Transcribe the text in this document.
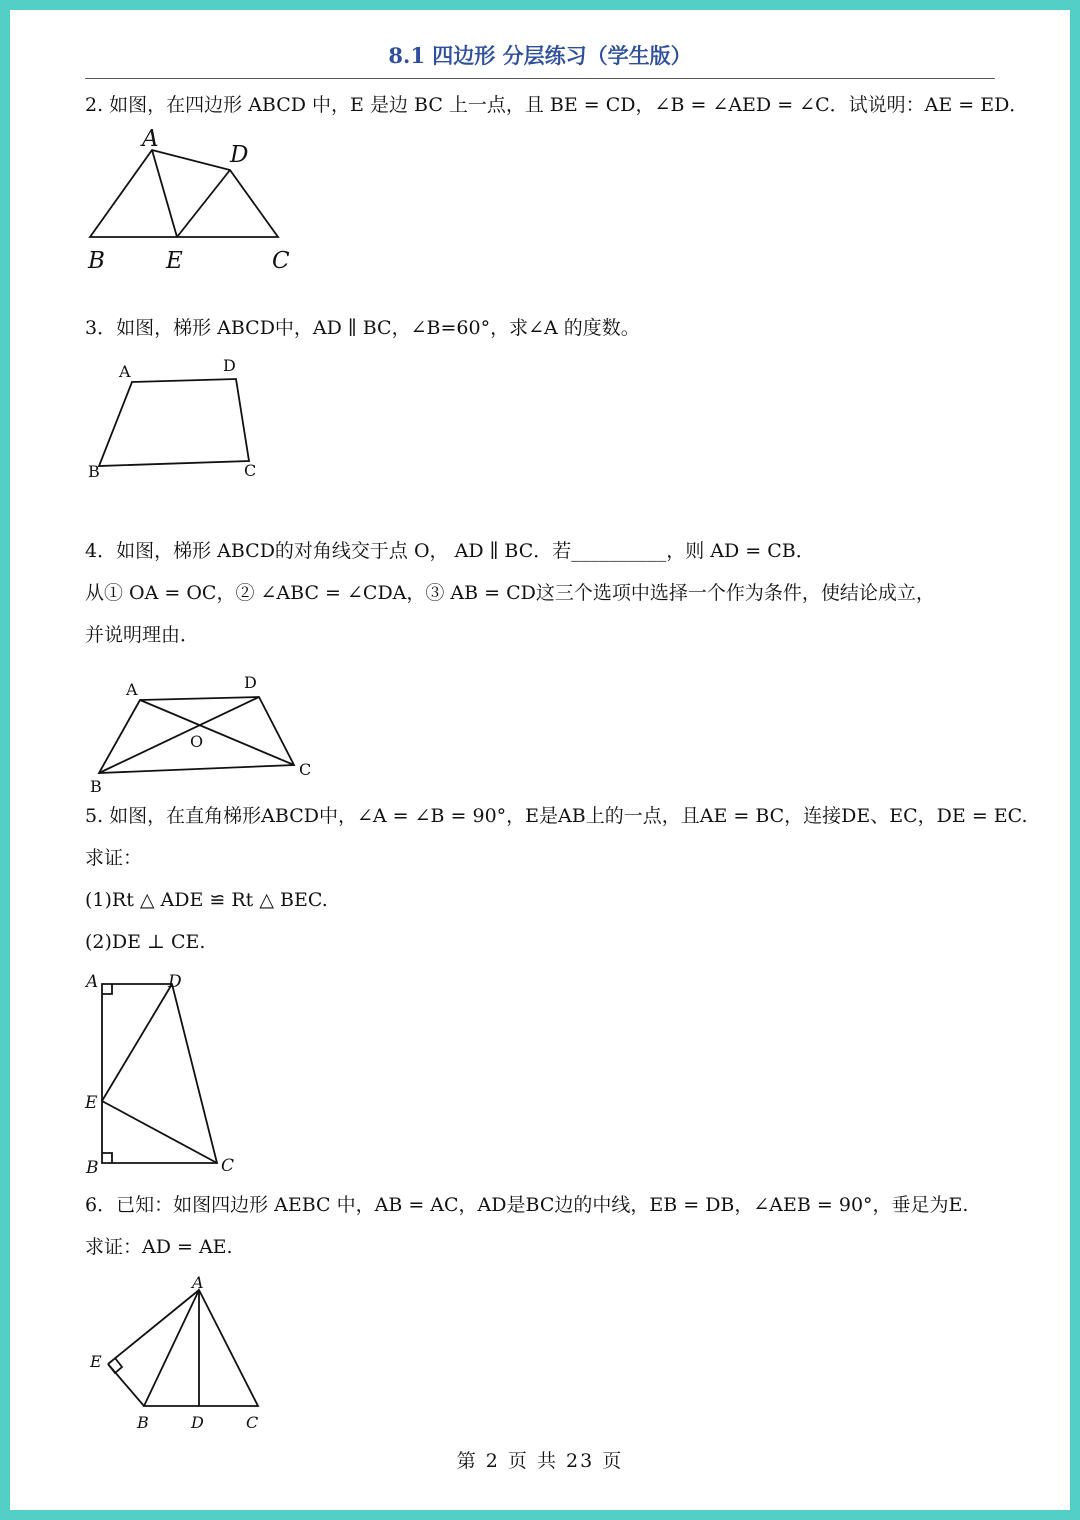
8.1 四边形 分层练习（学生版）
2. 如图，在四边形 ABCD 中，E 是边 BC 上一点，且 BE = CD，∠B = ∠AED = ∠C．试说明：AE = ED．
A
D
B	E	C
3．如图，梯形 ABCD中，AD ∥ BC，∠B=60°，求∠A 的度数。
A	D
B	C
4．如图，梯形 ABCD的对角线交于点 O， AD ∥ BC．若__________，则 AD = CB．
从① OA = OC，② ∠ABC = ∠CDA，③ AB = CD这三个选项中选择一个作为条件，使结论成立，
并说明理由．
A	D
O
B
C
5. 如图，在直角梯形ABCD中，∠A = ∠B = 90°，E是AB上的一点，且AE = BC，连接DE、EC，DE = EC.
求证：
(1)Rt △ ADE ≌ Rt △ BEC.
(2)DE ⊥ CE.
A	D
E
B	C
6．已知：如图四边形 AEBC 中，AB = AC，AD是BC边的中线，EB = DB，∠AEB = 90°，垂足为E.
求证：AD = AE.
A
E
B	D	C
第 2 页 共 23 页
